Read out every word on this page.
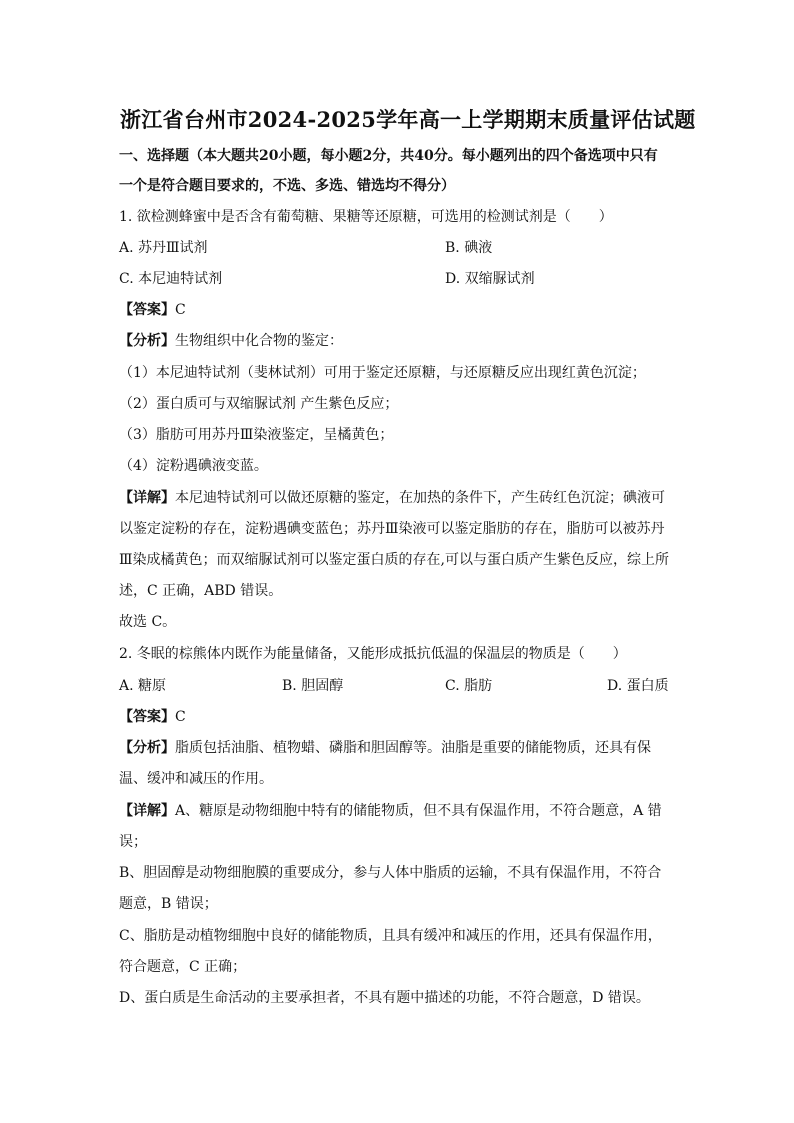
浙江省台州市2024-2025学年高一上学期期末质量评估试题
一、选择题（本大题共20小题，每小题2分，共40分。每小题列出的四个备选项中只有
一个是符合题目要求的，不选、多选、错选均不得分）
1. 欲检测蜂蜜中是否含有葡萄糖、果糖等还原糖，可选用的检测试剂是（　　）
A. 苏丹Ⅲ试剂	B. 碘液
C. 本尼迪特试剂	D. 双缩脲试剂
【答案】C
【分析】生物组织中化合物的鉴定：
（1）本尼迪特试剂（斐林试剂）可用于鉴定还原糖，与还原糖反应出现红黄色沉淀；
（2）蛋白质可与双缩脲试剂 产生紫色反应；
（3）脂肪可用苏丹Ⅲ染液鉴定，呈橘黄色；
（4）淀粉遇碘液变蓝。
【详解】本尼迪特试剂可以做还原糖的鉴定，在加热的条件下，产生砖红色沉淀；碘液可
以鉴定淀粉的存在，淀粉遇碘变蓝色；苏丹Ⅲ染液可以鉴定脂肪的存在，脂肪可以被苏丹
Ⅲ染成橘黄色；而双缩脲试剂可以鉴定蛋白质的存在,可以与蛋白质产生紫色反应，综上所
述，C 正确，ABD 错误。
故选 C。
2. 冬眠的棕熊体内既作为能量储备，又能形成抵抗低温的保温层的物质是（　　）
A. 糖原	B. 胆固醇	C. 脂肪	D. 蛋白质
【答案】C
【分析】脂质包括油脂、植物蜡、磷脂和胆固醇等。油脂是重要的储能物质，还具有保
温、缓冲和减压的作用。
【详解】A、糖原是动物细胞中特有的储能物质，但不具有保温作用，不符合题意，A 错
误；
B、胆固醇是动物细胞膜的重要成分，参与人体中脂质的运输，不具有保温作用，不符合
题意，B 错误；
C、脂肪是动植物细胞中良好的储能物质，且具有缓冲和减压的作用，还具有保温作用，
符合题意，C 正确；
D、蛋白质是生命活动的主要承担者，不具有题中描述的功能，不符合题意，D 错误。
